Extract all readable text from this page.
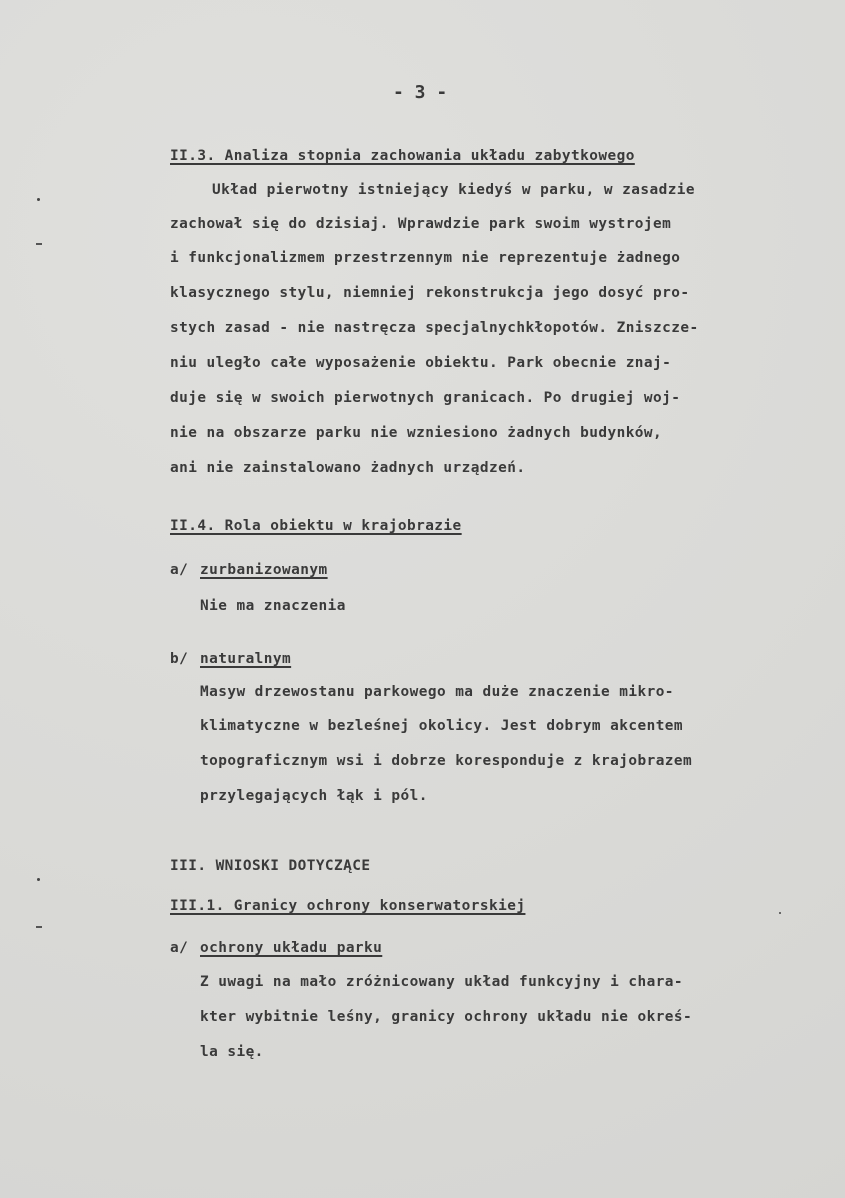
- 3 -
II.3. Analiza stopnia zachowania układu zabytkowego
Układ pierwotny istniejący kiedyś w parku, w zasadzie
zachował się do dzisiaj. Wprawdzie park swoim wystrojem
i funkcjonalizmem przestrzennym nie reprezentuje żadnego
klasycznego stylu, niemniej rekonstrukcja jego dosyć pro-
stych zasad - nie nastręcza specjalnychkłopotów. Zniszcze-
niu uległo całe wyposażenie obiektu. Park obecnie znaj-
duje się w swoich pierwotnych granicach. Po drugiej woj-
nie na obszarze parku nie wzniesiono żadnych budynków,
ani nie zainstalowano żadnych urządzeń.
II.4. Rola obiektu w krajobrazie
a/ zurbanizowanym
Nie ma znaczenia
b/ naturalnym
Masyw drzewostanu parkowego ma duże znaczenie mikro-
klimatyczne w bezleśnej okolicy. Jest dobrym akcentem
topograficznym wsi i dobrze koresponduje z krajobrazem
przylegających łąk i pól.
III. WNIOSKI DOTYCZĄCE
III.1. Granicy ochrony konserwatorskiej
a/ ochrony układu parku
Z uwagi na mało zróżnicowany układ funkcyjny i chara-
kter wybitnie leśny, granicy ochrony układu nie okreś-
la się.
